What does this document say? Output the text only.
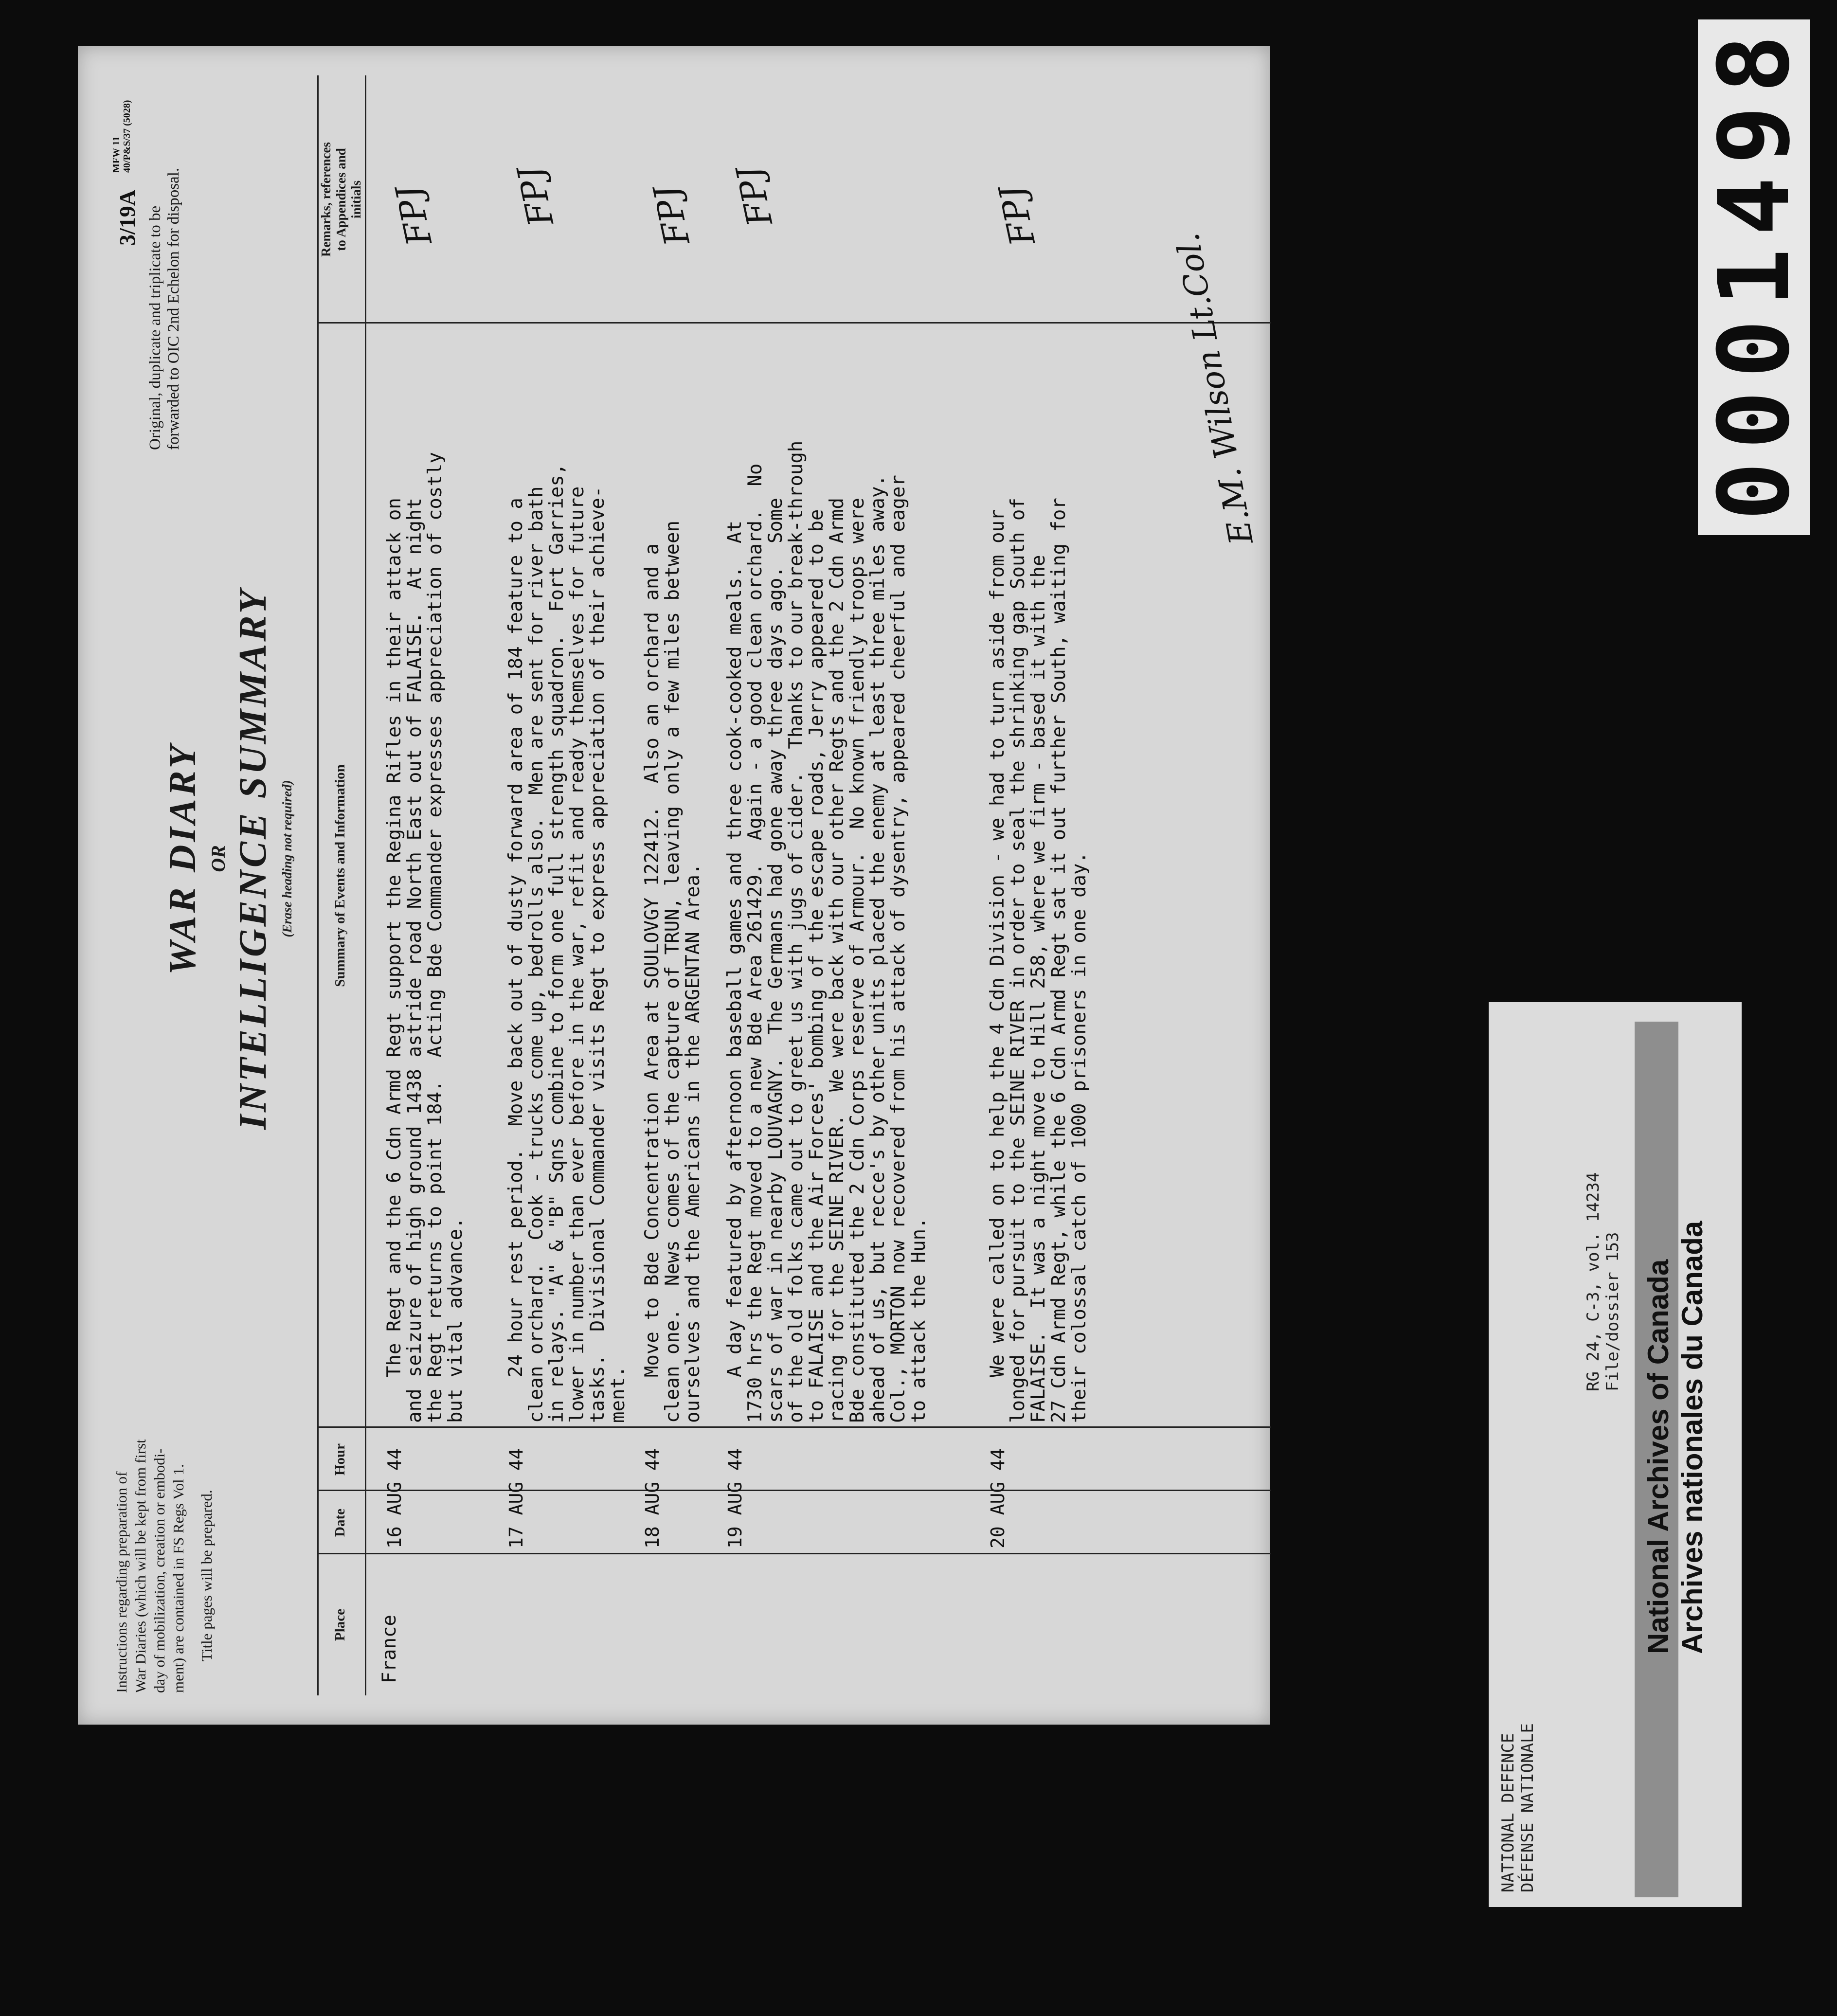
3/19A
MFW 11
40/P&S/37 (5028)
Original, duplicate and triplicate to be
forwarded to OIC 2nd Echelon for disposal.
WAR DIARY OR INTELLIGENCE SUMMARY (Erase heading not required)
Instructions regarding preparation of
War Diaries (which will be kept from first
day of mobilization, creation or embodi-
ment) are contained in FS Regs Vol 1.
Title pages will be prepared.	Place
Date
Hour
Summary of Events and Information
Remarks, references
to Appendices and
initials
France
16 AUG 44
The Regt and the 6 Cdn Armd Regt support the Regina Rifles in their attack on
and seizure of high ground 1438 astride road North East out of FALAISE.  At night
the Regt returns to point 184.  Acting Bde Commander expresses appreciation of costly
but vital advance.
FPJ
17 AUG 44
24 hour rest period.  Move back out of dusty forward area of 184 feature to a
clean orchard.  Cook - trucks come up, bedrolls also.  Men are sent for river bath
in relays. "A" & "B" Sqns combine to form one full strength squadron.  Fort Garries,
lower in number than ever before in the war, refit and ready themselves for future
tasks.  Divisional Commander visits Regt to express appreciation of their achieve-
ment.
FPJ
18 AUG 44
Move to Bde Concentration Area at SOULOVGY 122412.  Also an orchard and a
clean one.  News comes of the capture of TRUN, leaving only a few miles between
ourselves and the Americans in the ARGENTAN Area.
FPJ
19 AUG 44
A day featured by afternoon baseball games and three cook-cooked meals.  At
1730 hrs the Regt moved to a new Bde Area 261429.  Again - a good clean orchard.  No
scars of war in nearby LOUVAGNY.  The Germans had gone away three days ago.  Some
of the old folks came out to greet us with jugs of cider.  Thanks to our break-through
to FALAISE and the Air Forces' bombing of the escape roads, Jerry appeared to be
racing for the SEINE RIVER.  We were back with our other Regts and the 2 Cdn Armd
Bde constituted the 2 Cdn Corps reserve of Armour.  No known friendly troops were
ahead of us, but recce's by other units placed the enemy at least three miles away.
Col., MORTON now recovered from his attack of dysentry, appeared cheerful and eager
to attack the Hun.
FPJ
20 AUG 44
We were called on to help the 4 Cdn Division - we had to turn aside from our
longed for pursuit to the SEINE RIVER in order to seal the shrinking gap South of
FALAISE.  It was a night move to Hill 258, where we firm - based it with the
27 Cdn Armd Regt, while the 6 Cdn Armd Regt sat it out further South, waiting for
their colossal catch of 1000 prisoners in one day.
FPJ
E.M. Wilson Lt.Col.
NATIONAL DEFENCE
DÉFENSE NATIONALE
RG 24, C-3, vol. 14234
File/dossier 153
National Archives of Canada Archives nationales du Canada
0001498
